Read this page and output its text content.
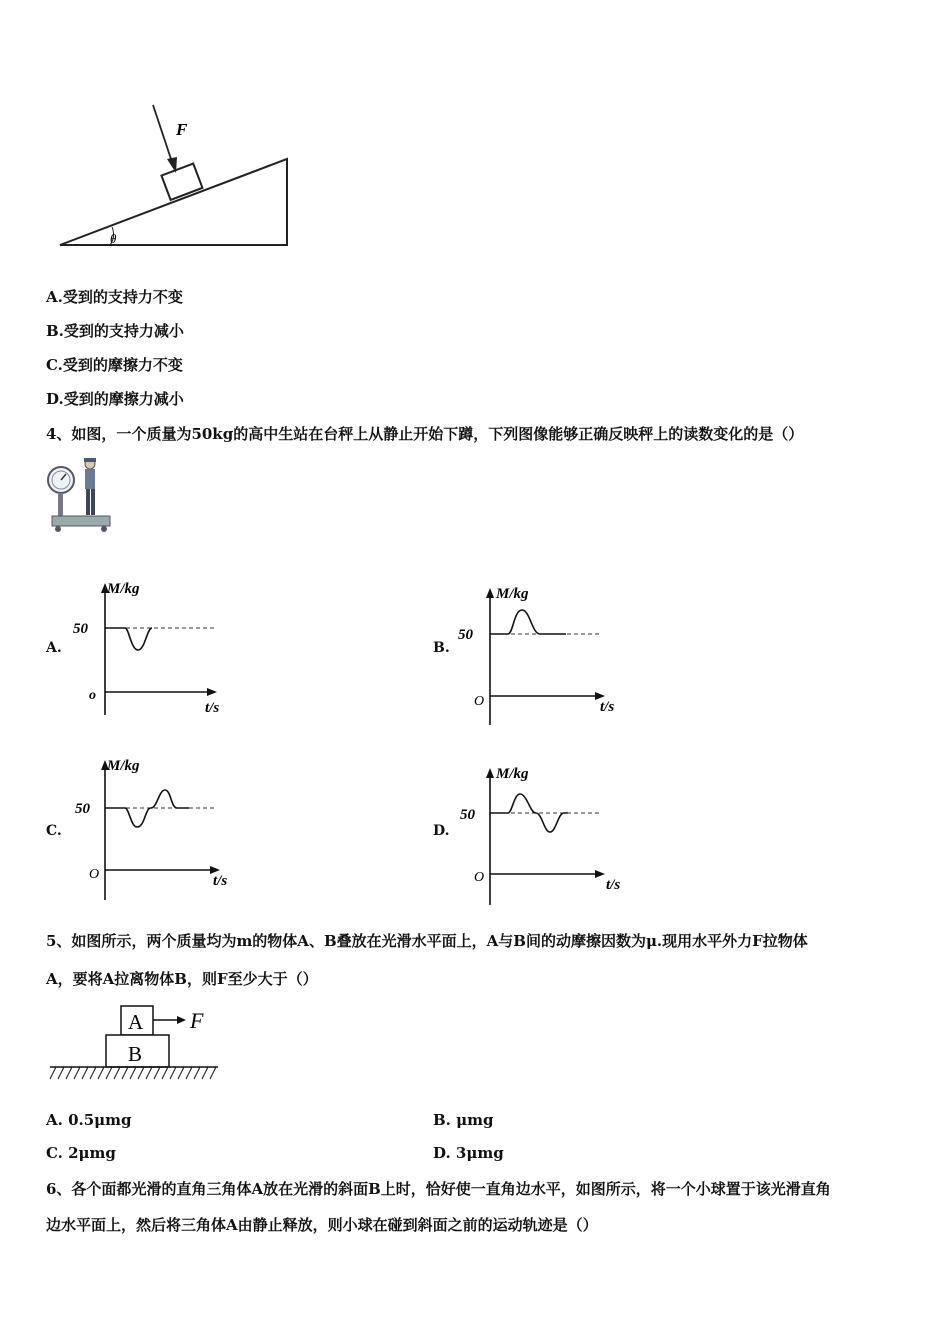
F
θ
A.受到的支持力不变
B.受到的支持力减小
C.受到的摩擦力不变
D.受到的摩擦力减小
4、如图，一个质量为50kg的高中生站在台秤上从静止开始下蹲，下列图像能够正确反映秤上的读数变化的是（）
A.
M/kg
50
o
t/s
B.
M/kg
50
O	t/s
C.
M/kg
50
O	t/s
D.
M/kg
50
O	t/s
5、如图所示，两个质量均为m的物体A、B叠放在光滑水平面上，A与B间的动摩擦因数为μ.现用水平外力F拉物体
A，要将A拉离物体B，则F至少大于（）
A
B
F
A. 0.5μmg	B. μmg
C. 2μmg	D. 3μmg
6、各个面都光滑的直角三角体A放在光滑的斜面B上时，恰好使一直角边水平，如图所示，将一个小球置于该光滑直角
边水平面上，然后将三角体A由静止释放，则小球在碰到斜面之前的运动轨迹是（）
